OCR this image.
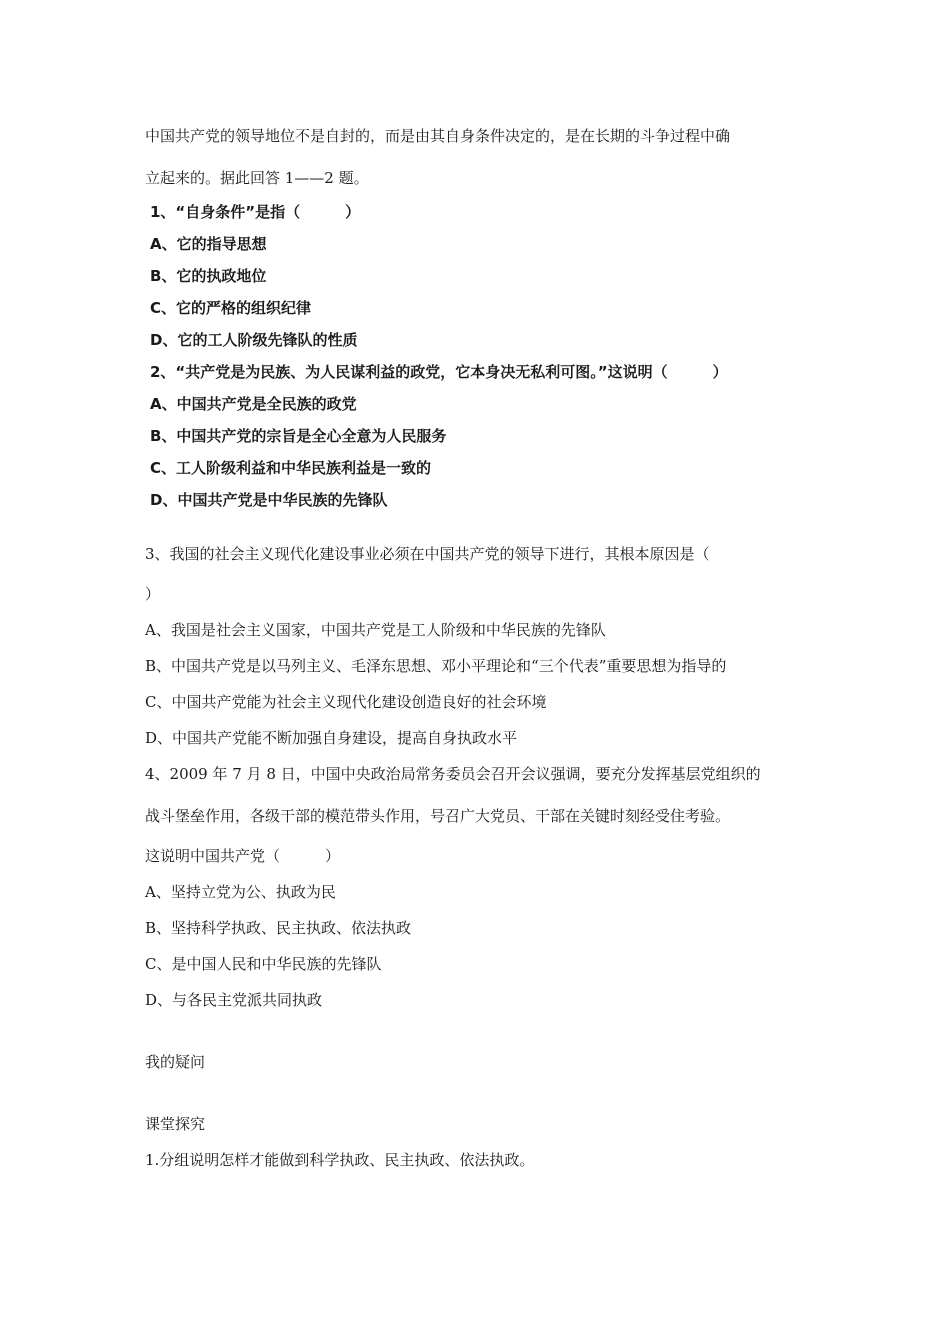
中国共产党的领导地位不是自封的，而是由其自身条件决定的，是在长期的斗争过程中确

立起来的。据此回答 1——2 题。

1、“自身条件”是指（　　　）

A、它的指导思想

B、它的执政地位

C、它的严格的组织纪律

D、它的工人阶级先锋队的性质

2、“共产党是为民族、为人民谋利益的政党，它本身决无私利可图。”这说明（　　　）

A、中国共产党是全民族的政党

B、中国共产党的宗旨是全心全意为人民服务

C、工人阶级利益和中华民族利益是一致的

D、中国共产党是中华民族的先锋队

3、我国的社会主义现代化建设事业必须在中国共产党的领导下进行，其根本原因是（

）

A、我国是社会主义国家，中国共产党是工人阶级和中华民族的先锋队

B、中国共产党是以马列主义、毛泽东思想、邓小平理论和“三个代表”重要思想为指导的

C、中国共产党能为社会主义现代化建设创造良好的社会环境

D、中国共产党能不断加强自身建设，提高自身执政水平

4、2009 年 7 月 8 日，中国中央政治局常务委员会召开会议强调，要充分发挥基层党组织的

战斗堡垒作用，各级干部的模范带头作用，号召广大党员、干部在关键时刻经受住考验。

这说明中国共产党（　　　）

A、坚持立党为公、执政为民

B、坚持科学执政、民主执政、依法执政

C、是中国人民和中华民族的先锋队

D、与各民主党派共同执政

我的疑问

课堂探究

1.分组说明怎样才能做到科学执政、民主执政、依法执政。
